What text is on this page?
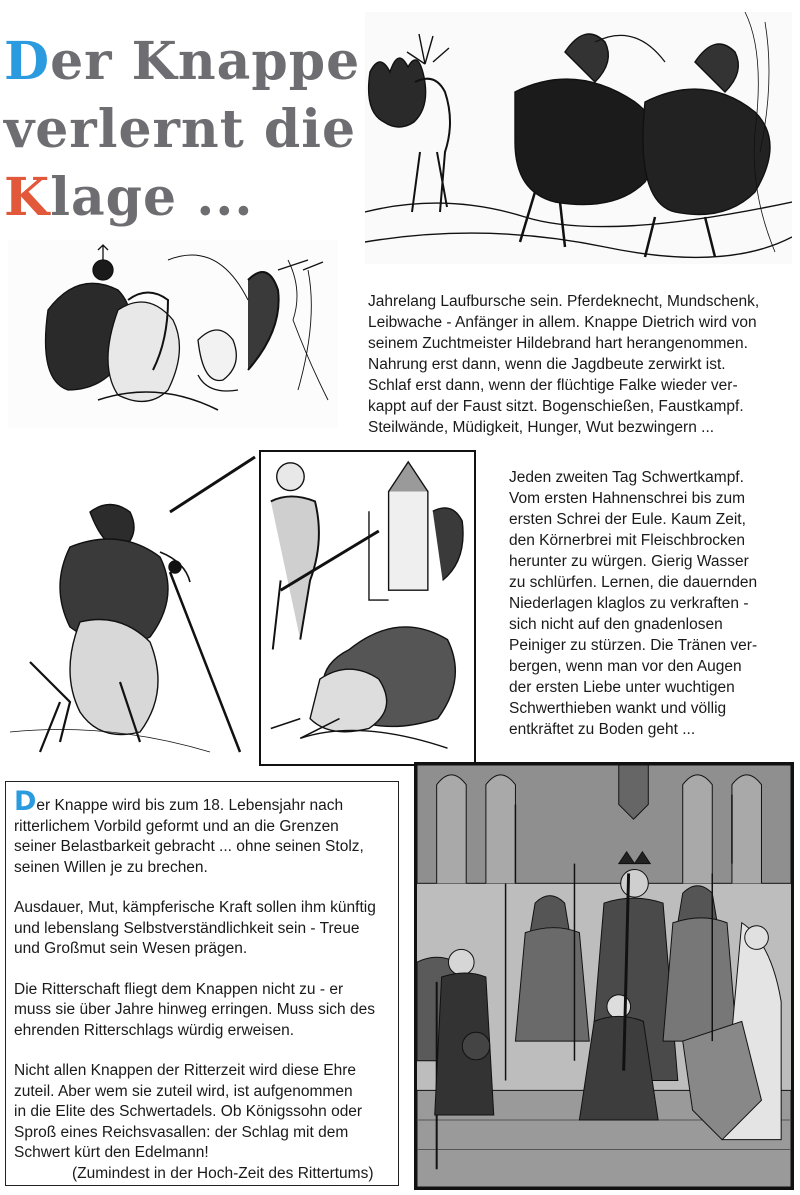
Der Knappe
verlernt die
Klage ...

Jahrelang Laufbursche sein. Pferdeknecht, Mundschenk,

Leibwache - Anfänger in allem. Knappe Dietrich wird von

seinem Zuchtmeister Hildebrand hart herangenommen.

Nahrung erst dann, wenn die Jagdbeute zerwirkt ist.

Schlaf erst dann, wenn der flüchtige Falke wieder ver-

kappt auf der Faust sitzt. Bogenschießen, Faustkampf.

Steilwände, Müdigkeit, Hunger, Wut bezwingern ...

Jeden zweiten Tag Schwertkampf.

Vom ersten Hahnenschrei bis zum

ersten Schrei der Eule. Kaum Zeit,

den Körnerbrei mit Fleischbrocken

herunter zu würgen. Gierig Wasser

zu schlürfen. Lernen, die dauernden

Niederlagen klaglos zu verkraften -

sich nicht auf den gnadenlosen

Peiniger zu stürzen. Die Tränen ver-

bergen, wenn man vor den Augen

der ersten Liebe unter wuchtigen

Schwerthieben wankt und völlig

entkräftet zu Boden geht ...

Der Knappe wird bis zum 18. Lebensjahr nach

ritterlichem Vorbild geformt und an die Grenzen

seiner Belastbarkeit gebracht ... ohne seinen Stolz,

seinen Willen je zu brechen.

Ausdauer, Mut, kämpferische Kraft sollen ihm künftig

und lebenslang Selbstverständlichkeit sein - Treue

und Großmut sein Wesen prägen.

Die Ritterschaft fliegt dem Knappen nicht zu - er

muss sie über Jahre hinweg erringen. Muss sich des

ehrenden Ritterschlags würdig erweisen.

Nicht allen Knappen der Ritterzeit wird diese Ehre

zuteil. Aber wem sie zuteil wird, ist aufgenommen

in die Elite des Schwertadels. Ob Königssohn oder

Sproß eines Reichsvasallen: der Schlag mit dem

Schwert kürt den Edelmann!

(Zumindest in der Hoch-Zeit des Rittertums)
